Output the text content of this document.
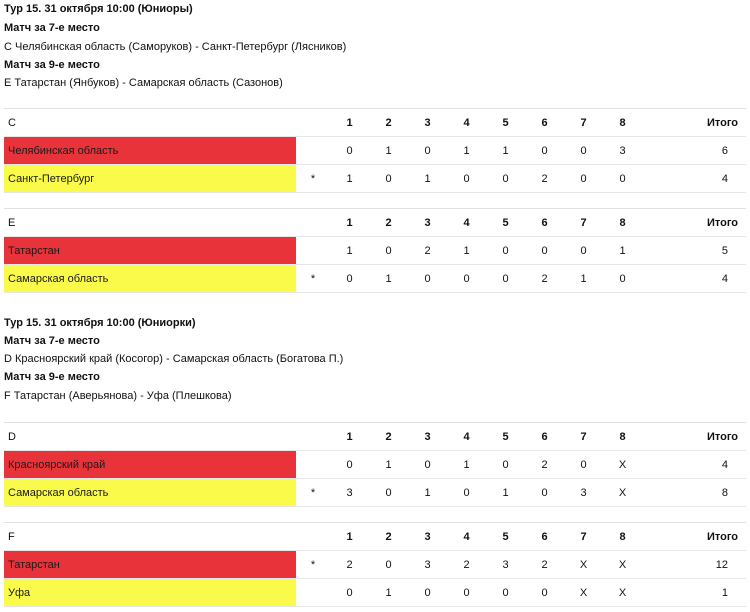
Тур 15. 31 октября 10:00 (Юниоры)
Матч за 7-е место
C Челябинская область (Саморуков) - Санкт-Петербург (Лясников)
Матч за 9-е место
E Татарстан (Янбуков) - Самарская область (Сазонов)
Тур 15. 31 октября 10:00 (Юниорки)
Матч за 7-е место
D Красноярский край (Косогор) - Самарская область (Богатова П.)
Матч за 9-е место
F Татарстан (Аверьянова) - Уфа (Плешкова)
C		1	2	3	4	5	6	7	8		Итого
Челябинская область		0	1	0	1	1	0	0	3		6
Санкт-Петербург	*	1	0	1	0	0	2	0	0		4
E		1	2	3	4	5	6	7	8		Итого
Татарстан		1	0	2	1	0	0	0	1		5
Самарская область	*	0	1	0	0	0	2	1	0		4
D		1	2	3	4	5	6	7	8		Итого
Красноярский край		0	1	0	1	0	2	0	X		4
Самарская область	*	3	0	1	0	1	0	3	X		8
F		1	2	3	4	5	6	7	8		Итого
Татарстан	*	2	0	3	2	3	2	X	X		12
Уфа		0	1	0	0	0	0	X	X		1
